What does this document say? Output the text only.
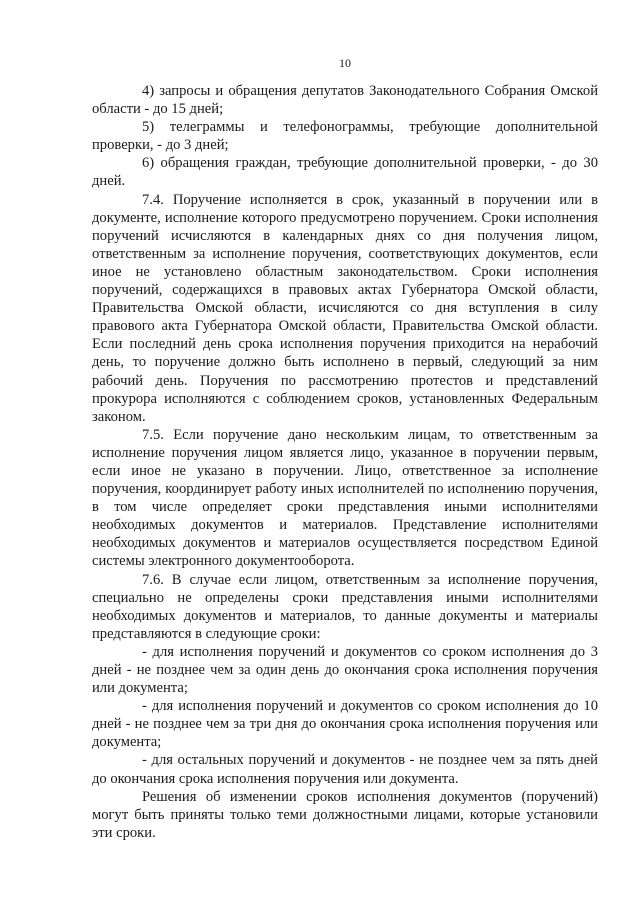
10

4) запросы и обращения депутатов Законодательного Собрания Омской области - до 15 дней;

5) телеграммы и телефонограммы, требующие дополнительной проверки, - до 3 дней;

6) обращения граждан, требующие дополнительной проверки, - до 30 дней.

7.4. Поручение исполняется в срок, указанный в поручении или в документе, исполнение которого предусмотрено поручением. Сроки исполнения поручений исчисляются в календарных днях со дня получения лицом, ответственным за исполнение поручения, соответствующих документов, если иное не установлено областным законодательством. Сроки исполнения поручений, содержащихся в правовых актах Губернатора Омской области, Правительства Омской области, исчисляются со дня вступления в силу правового акта Губернатора Омской области, Правительства Омской области. Если последний день срока исполнения поручения приходится на нерабочий день, то поручение должно быть исполнено в первый, следующий за ним рабочий день. Поручения по рассмотрению протестов и представлений прокурора исполняются с соблюдением сроков, установленных Федеральным законом.

7.5. Если поручение дано нескольким лицам, то ответственным за исполнение поручения лицом является лицо, указанное в поручении первым, если иное не указано в поручении. Лицо, ответственное за исполнение поручения, координирует работу иных исполнителей по исполнению поручения, в том числе определяет сроки представления иными исполнителями необходимых документов и материалов. Представление исполнителями необходимых документов и материалов осуществляется посредством Единой системы электронного документооборота.

7.6. В случае если лицом, ответственным за исполнение поручения, специально не определены сроки представления иными исполнителями необходимых документов и материалов, то данные документы и материалы представляются в следующие сроки:

- для исполнения поручений и документов со сроком исполнения до 3 дней - не позднее чем за один день до окончания срока исполнения поручения или документа;

- для исполнения поручений и документов со сроком исполнения до 10 дней - не позднее чем за три дня до окончания срока исполнения поручения или документа;

- для остальных поручений и документов - не позднее чем за пять дней до окончания срока исполнения поручения или документа.

Решения об изменении сроков исполнения документов (поручений) могут быть приняты только теми должностными лицами, которые установили эти сроки.
